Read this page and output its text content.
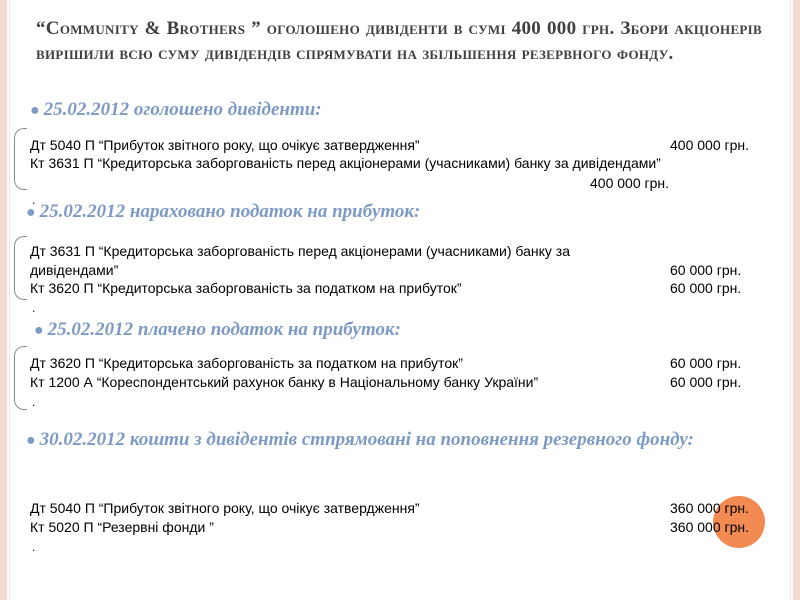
“Community & Brothers ” оголошено дивіденти в сумі 400 000 грн. Збори акціонерів вирішили всю суму дивідендів спрямувати на збільшення резервного фонду.
● 25.02.2012 оголошено дивіденти:
Дт 5040 П “Прибуток звітного року, що очікує затвердження”	400 000 грн.
Кт 3631 П “Кредиторська заборгованість перед акціонерами (учасниками) банку за дивідендами”
400 000 грн.
.
● 25.02.2012 нараховано податок на прибуток:
Дт 3631 П “Кредиторська заборгованість перед акціонерами (учасниками) банку за
дивідендами”	60 000 грн.
Кт 3620 П “Кредиторська заборгованість за податком на прибуток”	60 000 грн.
.
● 25.02.2012 плачено податок на прибуток:
Дт 3620 П “Кредиторська заборгованість за податком на прибуток”	60 000 грн.
Кт 1200 А “Кореспондентський рахунок банку в Національному банку України”	60 000 грн.
.
● 30.02.2012 кошти з дивідентів стпрямовані на поповнення резервного фонду:
Дт 5040 П “Прибуток звітного року, що очікує затвердження”	360 000 грн.
Кт 5020 П “Резервні фонди ”	360 000 грн.
.
